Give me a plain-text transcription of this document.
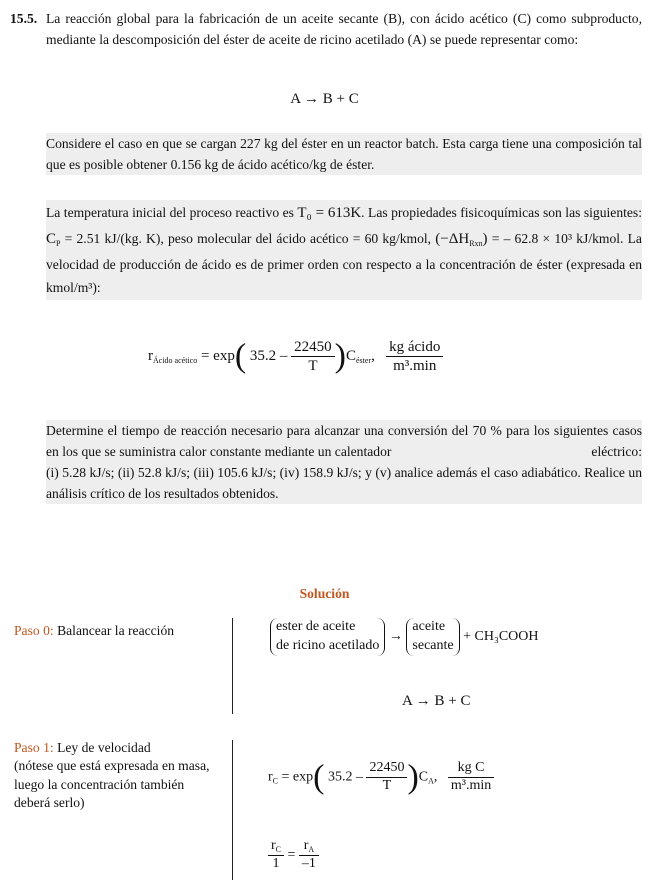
15.5. La reacción global para la fabricación de un aceite secante (B), con ácido acético (C) como subproducto, mediante la descomposición del éster de aceite de ricino acetilado (A) se puede representar como:
A → B + C
Considere el caso en que se cargan 227 kg del éster en un reactor batch. Esta carga tiene una composición tal que es posible obtener 0.156 kg de ácido acético/kg de éster.
La temperatura inicial del proceso reactivo es T₀ = 613K. Las propiedades fisicoquímicas son las siguientes: $C_P = 2.51$ kJ/(kg. K), peso molecular del ácido acético = 60 kg/kmol, $(-\Delta H_{Rxn})$ = – 62.8 × 10³ kJ/kmol. La velocidad de producción de ácido es de primer orden con respecto a la concentración de éster (expresada en kmol/m³):
$r_{Ácido acético} = \exp$( $35.2 - \frac{22450}{T} )C_{éster}$, $\frac{\text{kg ácido}}{\text{m³.min}}$
Determine el tiempo de reacción necesario para alcanzar una conversión del 70 % para los siguientes casos en los que se suministra calor constante mediante un calentador	eléctrico:
(i) 5.28 kJ/s; (ii) 52.8 kJ/s; (iii) 105.6 kJ/s; (iv) 158.9 kJ/s; y (v) analice además el caso adiabático. Realice un análisis crítico de los resultados obtenidos.
Solución
Paso 0: Balancear la reacción	ester de aceite
de ricino acetilado
→
aceite
secante
+ CH₃COOH
A → B + C
Paso 1: Ley de velocidad
(nótese que está expresada en masa, luego la concentración también deberá serlo)
$r_C = \exp$( $35.2 - \frac{22450}{T} )C_A$, $\frac{\text{kg C}}{\text{m³.min}}$
$\frac{r_C}{1} = \frac{r_A}{-1}$
